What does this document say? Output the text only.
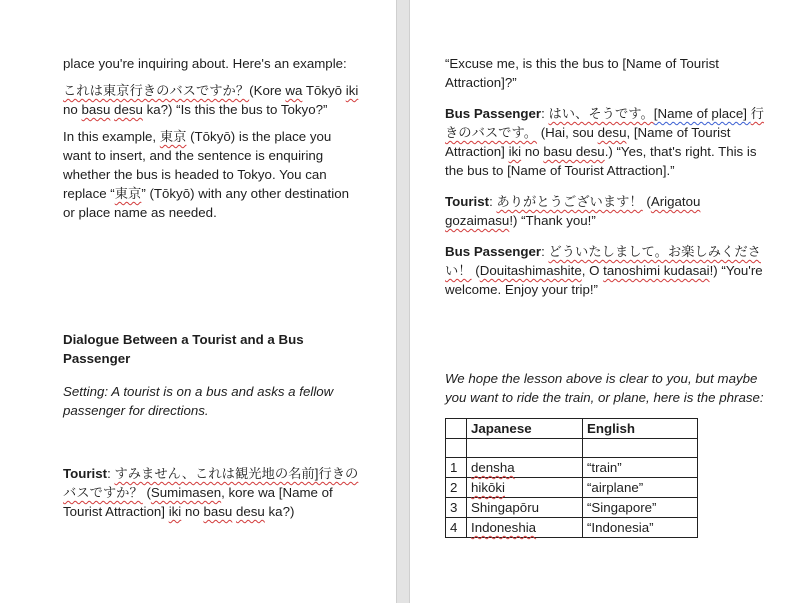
place you're inquiring about. Here's an example:

これは東京行きのバスですか？(Kore wa Tōkyō iki no basu desu ka?) “Is this the bus to Tokyo?”

In this example, 東京 (Tōkyō) is the place you want to insert, and the sentence is enquiring whether the bus is headed to Tokyo. You can replace “東京” (Tōkyō) with any other destination or place name as needed.

Dialogue Between a Tourist and a Bus Passenger

Setting: A tourist is on a bus and asks a fellow passenger for directions.

Tourist: すみません、これは観光地の名前]行きのバスですか？ (Sumimasen, kore wa [Name of Tourist Attraction] iki no basu desu ka?)

“Excuse me, is this the bus to [Name of Tourist Attraction]?”

Bus Passenger: はい、そうです。[Name of place] 行きのバスです。 (Hai, sou desu, [Name of Tourist Attraction] iki no basu desu.) “Yes, that's right. This is the bus to [Name of Tourist Attraction].”

Tourist: ありがとうございます！ (Arigatou gozaimasu!) “Thank you!”

Bus Passenger: どういたしまして。お楽しみください！ (Douitashimashite, O tanoshimi kudasai!) “You're welcome. Enjoy your trip!”

We hope the lesson above is clear to you, but maybe you want to ride the train, or plane, here is the phrase:

	Japanese	English

1	densha	“train”
2	hikōki	“airplane”
3	Shingapōru	“Singapore”
4	Indoneshia	“Indonesia”
